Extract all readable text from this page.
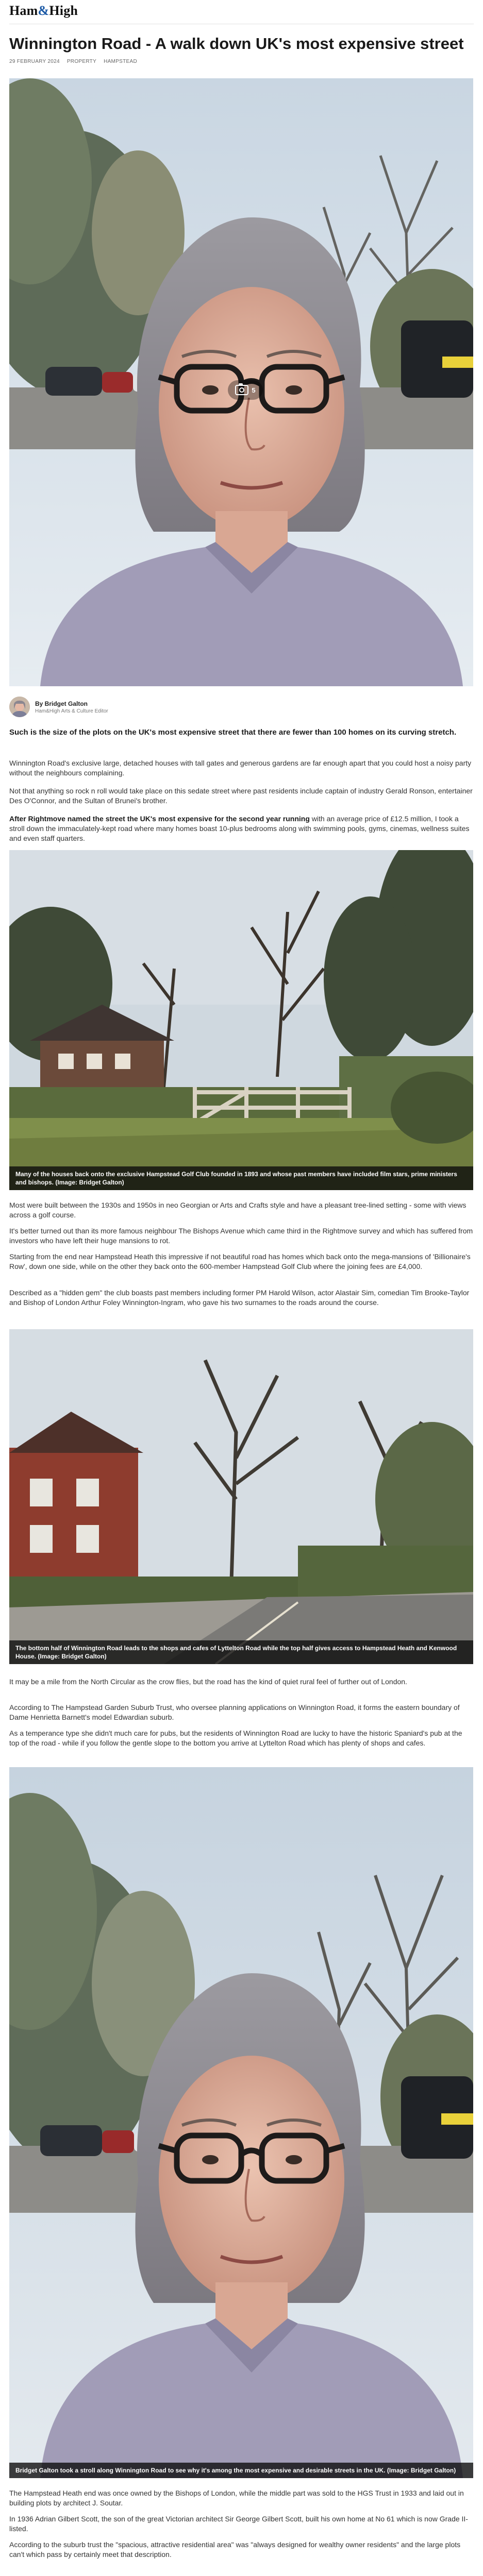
Ham&High
Winnington Road - A walk down UK's most expensive street
29 FEBRUARY 2024 PROPERTY HAMPSTEAD
5
By Bridget Galton
Ham&High Arts & Culture Editor

Such is the size of the plots on the UK's most expensive street that there are fewer than 100 homes on its curving stretch.

Winnington Road's exclusive large, detached houses with tall gates and generous gardens are far enough apart that you could host a noisy party without the neighbours complaining.

Not that anything so rock n roll would take place on this sedate street where past residents include captain of industry Gerald Ronson, entertainer Des O'Connor, and the Sultan of Brunei's brother.

After Rightmove named the street the UK's most expensive for the second year running with an average price of £12.5 million, I took a stroll down the immaculately-kept road where many homes boast 10-plus bedrooms along with swimming pools, gyms, cinemas, wellness suites and even staff quarters.

Many of the houses back onto the exclusive Hampstead Golf Club founded in 1893 and whose past members have included film stars, prime ministers and bishops. (Image: Bridget Galton)

Most were built between the 1930s and 1950s in neo Georgian or Arts and Crafts style and have a pleasant tree-lined setting - some with views across a golf course.

It's better turned out than its more famous neighbour The Bishops Avenue which came third in the Rightmove survey and which has suffered from investors who have left their huge mansions to rot.

Starting from the end near Hampstead Heath this impressive if not beautiful road has homes which back onto the mega-mansions of 'Billionaire's Row', down one side, while on the other they back onto the 600-member Hampstead Golf Club where the joining fees are £4,000.

Described as a "hidden gem" the club boasts past members including former PM Harold Wilson, actor Alastair Sim, comedian Tim Brooke-Taylor and Bishop of London Arthur Foley Winnington-Ingram, who gave his two surnames to the roads around the course.

The bottom half of Winnington Road leads to the shops and cafes of Lyttelton Road while the top half gives access to Hampstead Heath and Kenwood House. (Image: Bridget Galton)

It may be a mile from the North Circular as the crow flies, but the road has the kind of quiet rural feel of further out of London.

According to The Hampstead Garden Suburb Trust, who oversee planning applications on Winnington Road, it forms the eastern boundary of Dame Henrietta Barnett's model Edwardian suburb.

As a temperance type she didn't much care for pubs, but the residents of Winnington Road are lucky to have the historic Spaniard's pub at the top of the road - while if you follow the gentle slope to the bottom you arrive at Lyttelton Road which has plenty of shops and cafes.

Bridget Galton took a stroll along Winnington Road to see why it's among the most expensive and desirable streets in the UK. (Image: Bridget Galton)

The Hampstead Heath end was once owned by the Bishops of London, while the middle part was sold to the HGS Trust in 1933 and laid out in building plots by architect J. Soutar.

In 1936 Adrian Gilbert Scott, the son of the great Victorian architect Sir George Gilbert Scott, built his own home at No 61 which is now Grade II-listed.

According to the suburb trust the "spacious, attractive residential area" was "always designed for wealthy owner residents" and the large plots can't which pass by certainly meet that description.
